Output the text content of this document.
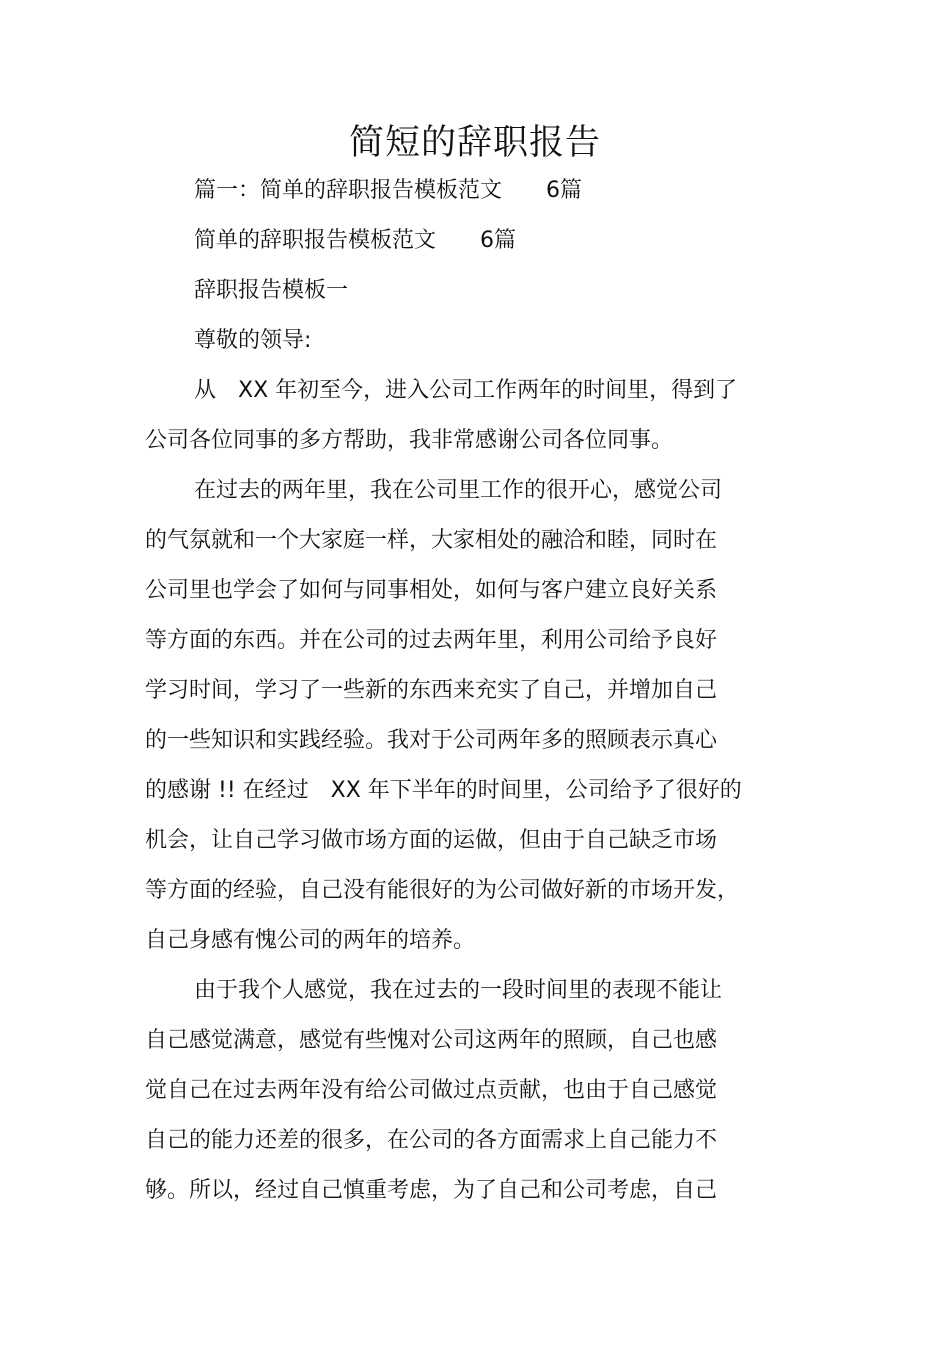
简短的辞职报告
篇一：简单的辞职报告模板范文　　6篇
简单的辞职报告模板范文　　6篇
辞职报告模板一
尊敬的领导:
从　XX 年初至今，进入公司工作两年的时间里，得到了
公司各位同事的多方帮助，我非常感谢公司各位同事。
在过去的两年里，我在公司里工作的很开心，感觉公司
的气氛就和一个大家庭一样，大家相处的融洽和睦，同时在
公司里也学会了如何与同事相处，如何与客户建立良好关系
等方面的东西。并在公司的过去两年里，利用公司给予良好
学习时间，学习了一些新的东西来充实了自己，并增加自己
的一些知识和实践经验。我对于公司两年多的照顾表示真心
的感谢 !! 在经过　XX 年下半年的时间里，公司给予了很好的
机会，让自己学习做市场方面的运做，但由于自己缺乏市场
等方面的经验，自己没有能很好的为公司做好新的市场开发，
自己身感有愧公司的两年的培养。
由于我个人感觉，我在过去的一段时间里的表现不能让
自己感觉满意，感觉有些愧对公司这两年的照顾，自己也感
觉自己在过去两年没有给公司做过点贡献，也由于自己感觉
自己的能力还差的很多，在公司的各方面需求上自己能力不
够。所以，经过自己慎重考虑，为了自己和公司考虑，自己
